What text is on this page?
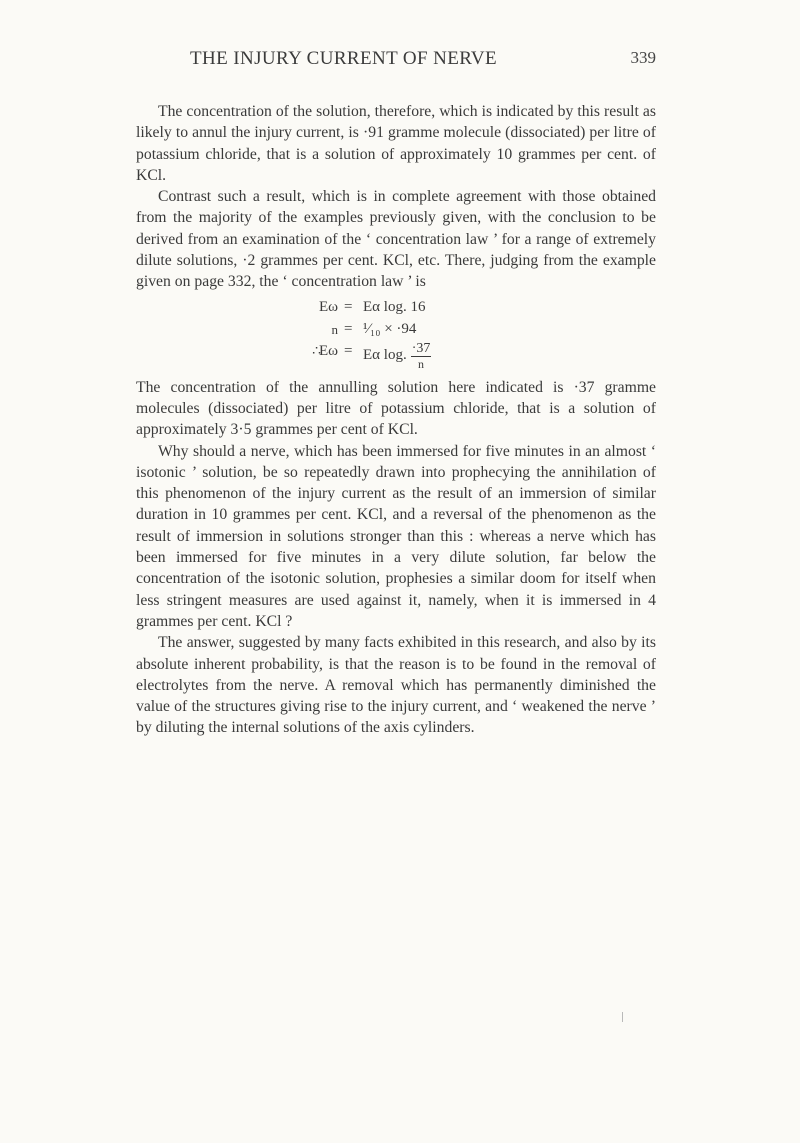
THE INJURY CURRENT OF NERVE	339

The concentration of the solution, therefore, which is indicated by this result as likely to annul the injury current, is ·91 gramme molecule (dissociated) per litre of potassium chloride, that is a solution of approximately 10 grammes per cent. of KCl.

Contrast such a result, which is in complete agreement with those obtained from the majority of the examples previously given, with the conclusion to be derived from an examination of the ‘ concentration law ’ for a range of extremely dilute solutions, ·2 grammes per cent. KCl, etc. There, judging from the example given on page 332, the ‘ concentration law ’ is

Eω = Eα log. 16
n = ¹⁄₁₀ × ·94
∴
Eω = Eα log. $\frac{\cdot 37}{n}$

The concentration of the annulling solution here indicated is ·37 gramme molecules (dissociated) per litre of potassium chloride, that is a solution of approximately 3·5 grammes per cent of KCl.

Why should a nerve, which has been immersed for five minutes in an almost ‘ isotonic ’ solution, be so repeatedly drawn into prophecying the annihilation of this phenomenon of the injury current as the result of an immersion of similar duration in 10 grammes per cent. KCl, and a reversal of the phenomenon as the result of immersion in solutions stronger than this : whereas a nerve which has been immersed for five minutes in a very dilute solution, far below the concentration of the isotonic solution, prophesies a similar doom for itself when less stringent measures are used against it, namely, when it is immersed in 4 grammes per cent. KCl ?

The answer, suggested by many facts exhibited in this research, and also by its absolute inherent probability, is that the reason is to be found in the removal of electrolytes from the nerve. A removal which has permanently diminished the value of the structures giving rise to the injury current, and ‘ weakened the nerve ’ by diluting the internal solutions of the axis cylinders.
